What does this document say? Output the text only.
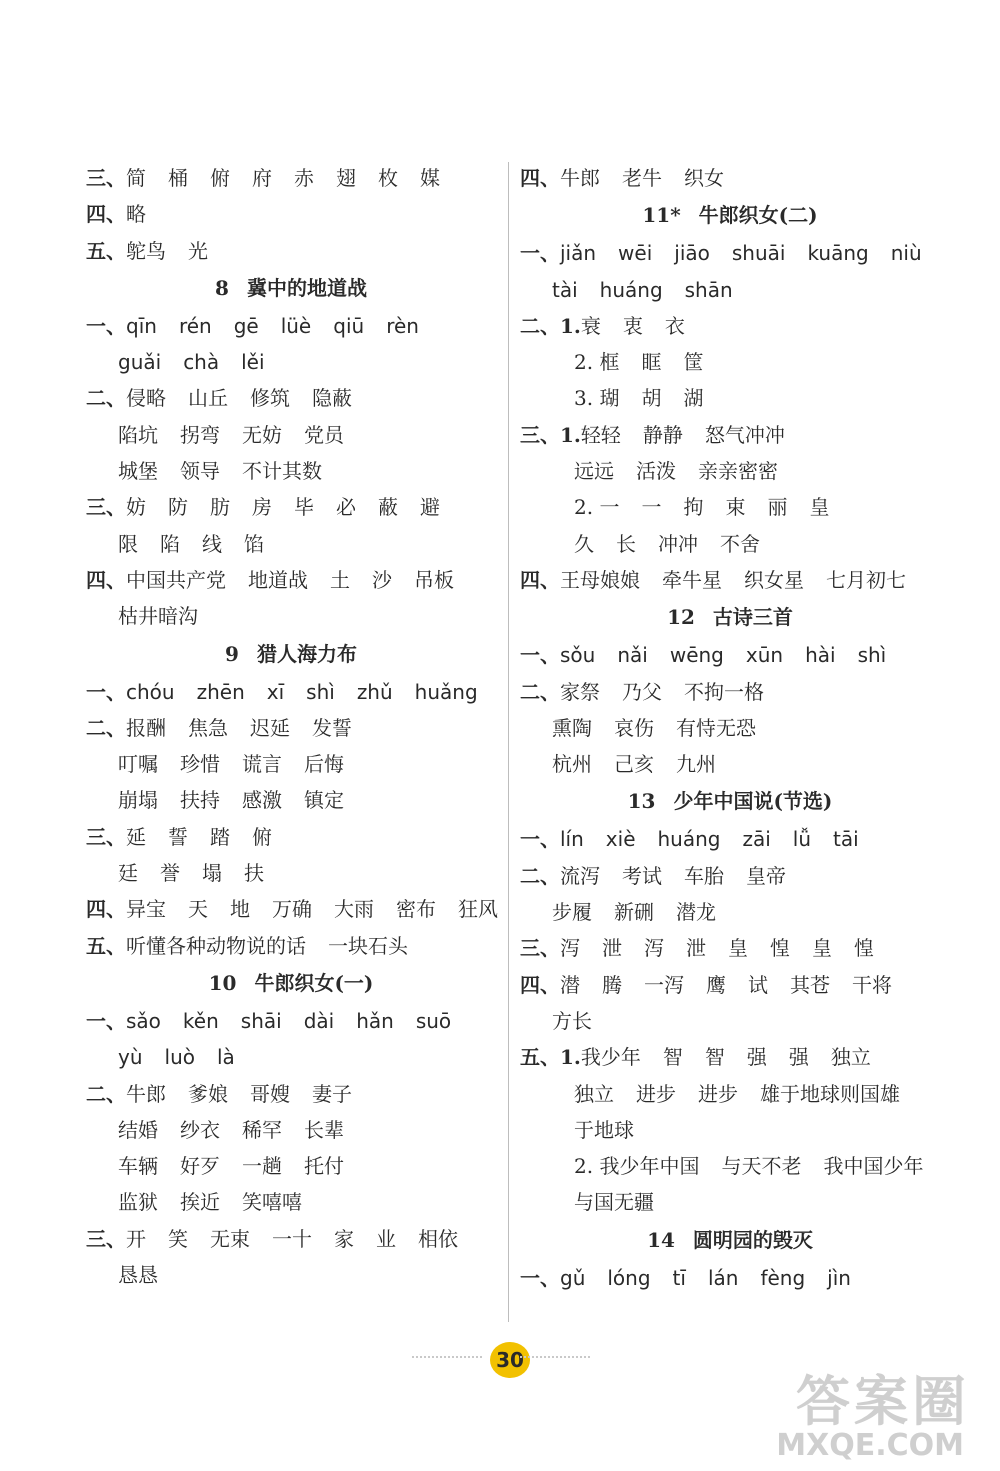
三、简 桶 俯 府 赤 翅 枚 媒
四、略
五、鸵鸟 光
8 冀中的地道战
一、qīn rén gē lüè qiū rèn
guǎi chà lěi
二、侵略 山丘 修筑 隐蔽
陷坑 拐弯 无妨 党员
城堡 领导 不计其数
三、妨 防 肪 房 毕 必 蔽 避
限 陷 线 馅
四、中国共产党 地道战 土 沙 吊板
枯井暗沟
9 猎人海力布
一、chóu zhēn xī shì zhǔ huǎng
二、报酬 焦急 迟延 发誓
叮嘱 珍惜 谎言 后悔
崩塌 扶持 感激 镇定
三、延 誓 踏 俯
廷 誉 塌 扶
四、异宝 天 地 万确 大雨 密布 狂风
五、听懂各种动物说的话 一块石头
10 牛郎织女(一)
一、sǎo kěn shāi dài hǎn suō
yù luò là
二、牛郎 爹娘 哥嫂 妻子
结婚 纱衣 稀罕 长辈
车辆 好歹 一趟 托付
监狱 挨近 笑嘻嘻
三、开 笑 无束 一十 家 业 相依
恳恳
四、牛郎 老牛 织女
11* 牛郎织女(二)
一、jiǎn wēi jiāo shuāi kuāng niù
tài huáng shān
二、1.衰 衷 衣
2. 框 眶 筐
3. 瑚 胡 湖
三、1.轻轻 静静 怒气冲冲
远远 活泼 亲亲密密
2. 一 一 拘 束 丽 皇
久 长 冲冲 不舍
四、王母娘娘 牵牛星 织女星 七月初七
12 古诗三首
一、sǒu nǎi wēng xūn hài shì
二、家祭 乃父 不拘一格
熏陶 哀伤 有恃无恐
杭州 己亥 九州
13 少年中国说(节选)
一、lín xiè huáng zāi lǚ tāi
二、流泻 考试 车胎 皇帝
步履 新硎 潜龙
三、泻 泄 泻 泄 皇 惶 皇 惶
四、潜 腾 一泻 鹰 试 其苍 干将
方长
五、1.我少年 智 智 强 强 独立
独立 进步 进步 雄于地球则国雄
于地球
2. 我少年中国 与天不老 我中国少年
与国无疆
14 圆明园的毁灭
一、gǔ lóng tī lán fèng jìn
30
答案圈
MXQE.COM
